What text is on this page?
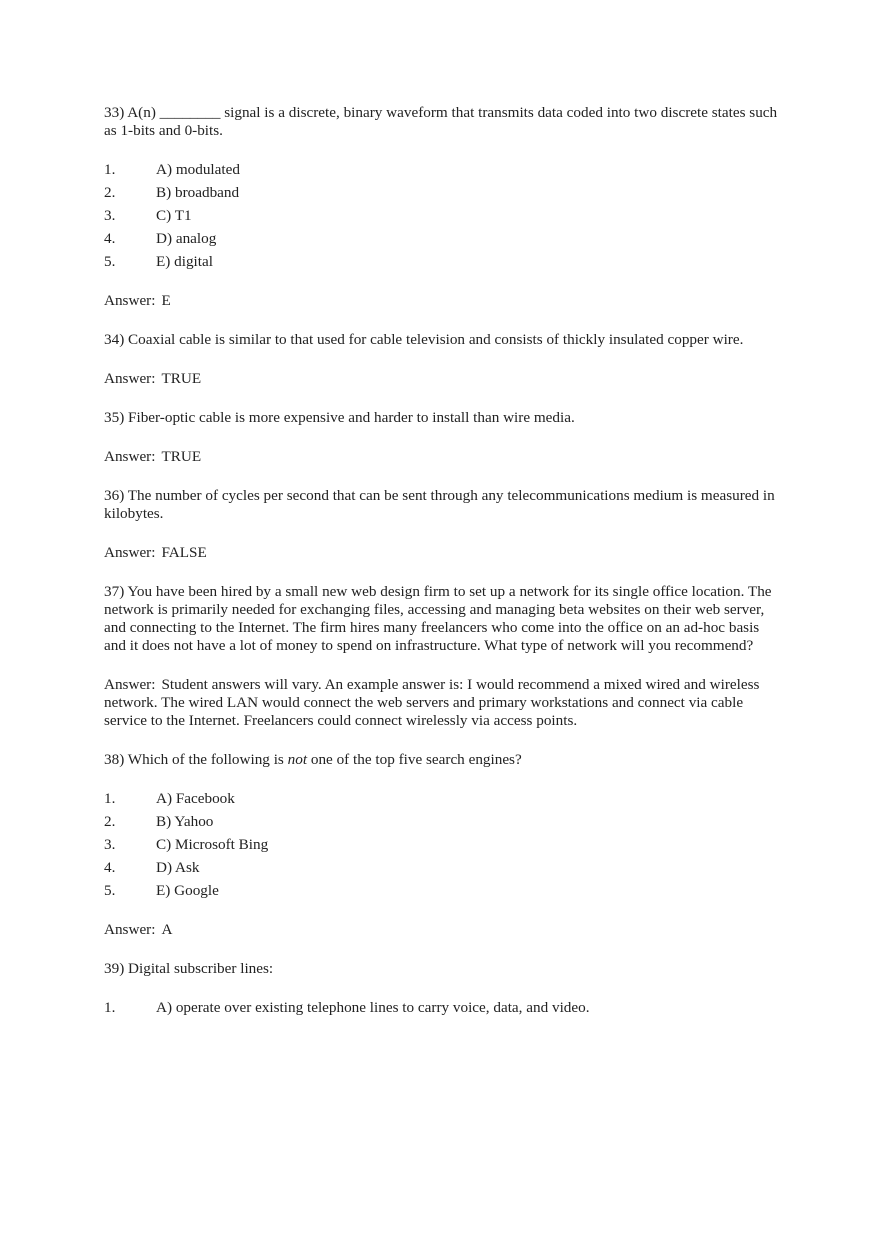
33) A(n) ________ signal is a discrete, binary waveform that transmits data coded into two discrete states such as 1-bits and 0-bits.

1.	A) modulated
2.	B) broadband
3.	C) T1
4.	D) analog
5.	E) digital

Answer: E

34) Coaxial cable is similar to that used for cable television and consists of thickly insulated copper wire.

Answer: TRUE

35) Fiber-optic cable is more expensive and harder to install than wire media.

Answer: TRUE

36) The number of cycles per second that can be sent through any telecommunications medium is measured in kilobytes.

Answer: FALSE

37) You have been hired by a small new web design firm to set up a network for its single office location. The network is primarily needed for exchanging files, accessing and managing beta websites on their web server, and connecting to the Internet. The firm hires many freelancers who come into the office on an ad-hoc basis and it does not have a lot of money to spend on infrastructure. What type of network will you recommend?

Answer: Student answers will vary. An example answer is: I would recommend a mixed wired and wireless network. The wired LAN would connect the web servers and primary workstations and connect via cable service to the Internet. Freelancers could connect wirelessly via access points.

38) Which of the following is not one of the top five search engines?

1.	A) Facebook
2.	B) Yahoo
3.	C) Microsoft Bing
4.	D) Ask
5.	E) Google

Answer: A

39) Digital subscriber lines:

1.	A) operate over existing telephone lines to carry voice, data, and video.
